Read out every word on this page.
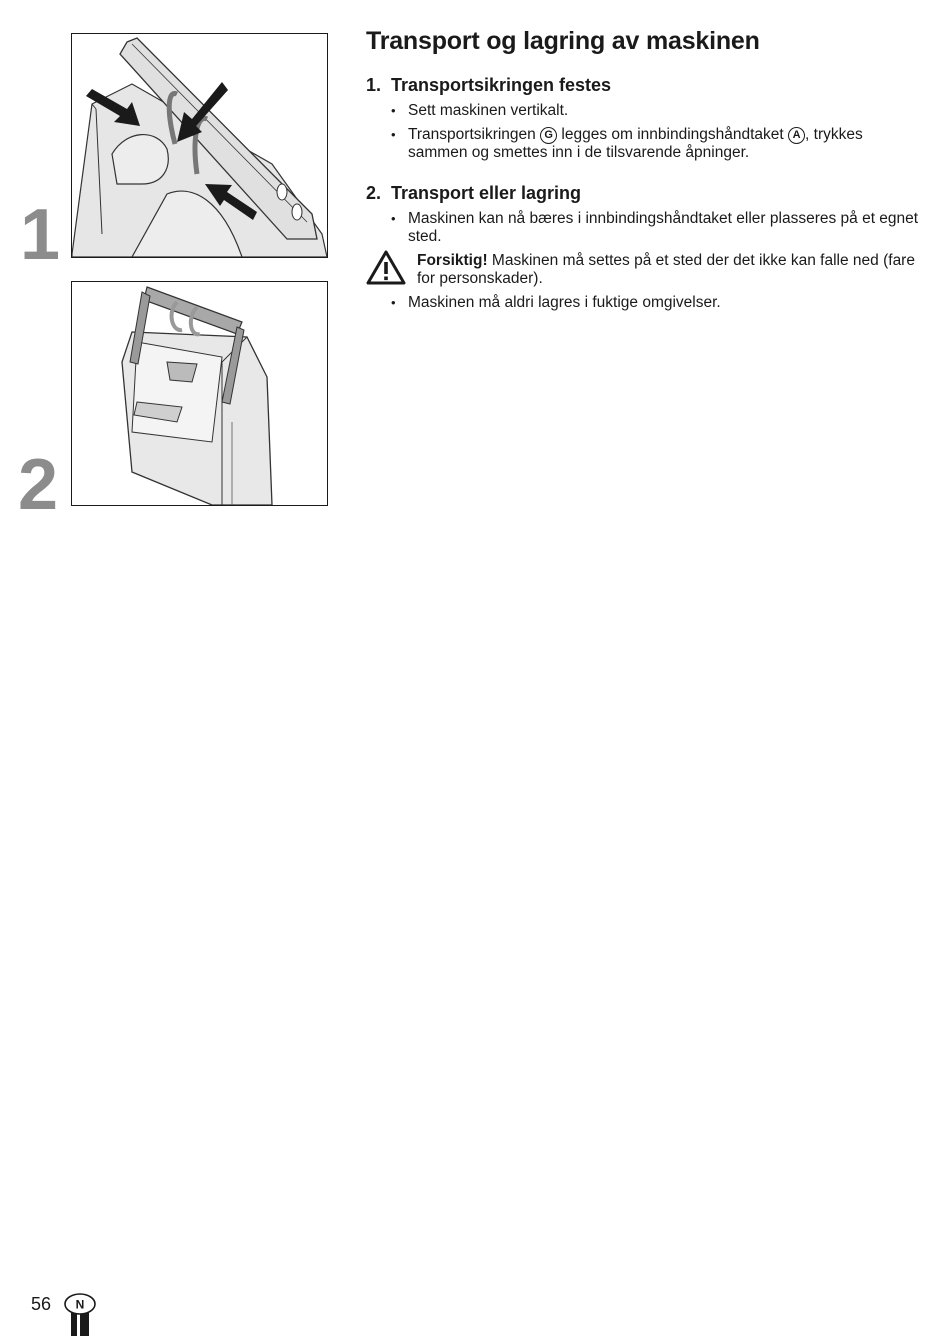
1
2
Transport og lagring av maskinen
1. Transportsikringen festes
• Sett maskinen vertikalt.
• Transportsikringen G legges om innbindingshåndtaket A , trykkes sammen og smettes inn i de tilsvarende åpninger.
2. Transport eller lagring
• Maskinen kan nå bæres i innbindingshåndtaket eller plasseres på et egnet sted.
Forsiktig! Maskinen må settes på et sted der det ikke kan falle ned (fare for personskader).
• Maskinen må aldri lagres i fuktige omgivelser.
56 N
